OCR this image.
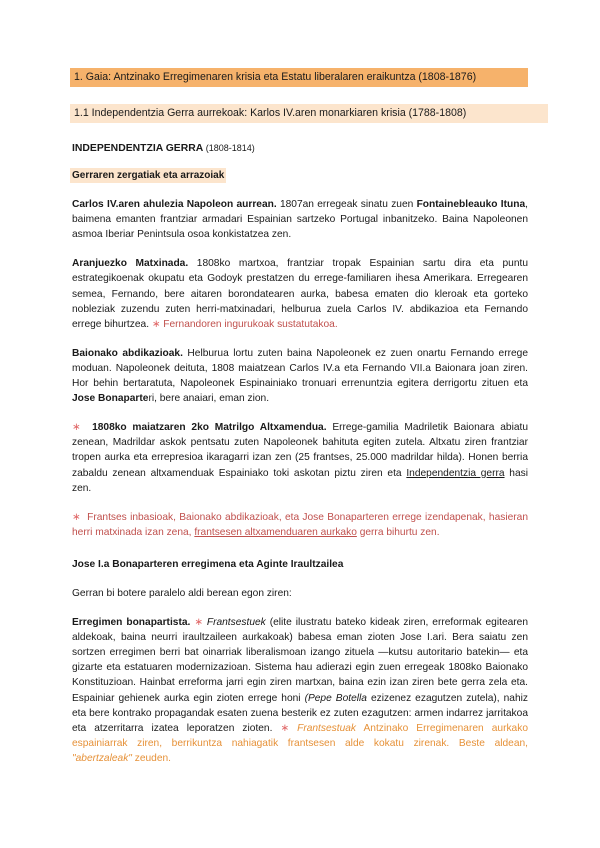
1. Gaia: Antzinako Erregimenaren krisia eta Estatu liberalaren eraikuntza
(1808-1876)
1.1 Independentzia Gerra aurrekoak: Karlos IV.aren monarkiaren krisia
(1788-1808)
INDEPENDENTZIA GERRA (1808-1814)
Gerraren zergatiak eta arrazoiak

Carlos IV.aren ahulezia Napoleon aurrean. 1807an erregeak sinatu zuen Fontainebleauko Ituna, baimena emanten frantziar armadari Espainian sartzeko Portugal inbanitzeko. Baina Napoleonen asmoa Iberiar Penintsula osoa konkistatzea zen.

Aranjuezko Matxinada. 1808ko martxoa, frantziar tropak Espainian sartu dira eta puntu estrategikoenak okupatu eta Godoyk prestatzen du errege-familiaren ihesa Amerikara. Erregearen semea, Fernando, bere aitaren borondatearen aurka, babesa ematen dio kleroak eta gorteko nobleziak zuzendu zuten herri-matxinadari, helburua zuela Carlos IV. abdikazioa eta Fernando errege bihurtzea. ∗ Fernandoren ingurukoak sustatutakoa.

Baionako abdikazioak. Helburua lortu zuten baina Napoleonek ez zuen onartu Fernando errege moduan. Napoleonek deituta, 1808 maiatzean Carlos IV.a eta Fernando VII.a Baionara joan ziren. Hor behin bertaratuta, Napoleonek Espinainiako tronuari errenuntzia egitera derrigortu zituen eta Jose Bonaparteri, bere anaiari, eman zion.

∗ 1808ko maiatzaren 2ko Matrilgo Altxamendua. Errege-gamilia Madriletik Baionara abiatu zenean, Madrildar askok pentsatu zuten Napoleonek bahituta egiten zutela. Altxatu ziren frantziar tropen aurka eta errepresioa ikaragarri izan zen (25 frantses, 25.000 madrildar hilda). Honen berria zabaldu zenean altxamenduak Espainiako toki askotan piztu ziren eta Independentzia gerra hasi zen.

∗ Frantses inbasioak, Baionako abdikazioak, eta Jose Bonaparteren errege izendapenak, hasieran herri matxinada izan zena, frantsesen altxamenduaren aurkako gerra bihurtu zen.

Jose I.a Bonaparteren erregimena eta Aginte Iraultzailea

Gerran bi botere paralelo aldi berean egon ziren:

Erregimen bonapartista. ∗ Frantsestuek (elite ilustratu bateko kideak ziren, erreformak egitearen aldekoak, baina neurri iraultzaileen aurkakoak) babesa eman zioten Jose I.ari. Bera saiatu zen sortzen erregimen berri bat oinarriak liberalismoan izango zituela —kutsu autoritario batekin— eta gizarte eta estatuaren modernizazioan. Sistema hau adierazi egin zuen erregeak 1808ko Baionako Konstituzioan. Hainbat erreforma jarri egin ziren martxan, baina ezin izan ziren bete gerra zela eta. Espainiar gehienek aurka egin zioten errege honi (Pepe Botella ezizenez ezagutzen zutela), nahiz eta bere kontrako propagandak esaten zuena besterik ez zuten ezagutzen: armen indarrez jarritakoa eta atzerritarra izatea leporatzen zioten. ∗ Frantsestuak Antzinako Erregimenaren aurkako espainiarrak ziren, berrikuntza nahiagatik frantsesen alde kokatu zirenak. Beste aldean, "abertzaleak" zeuden.
